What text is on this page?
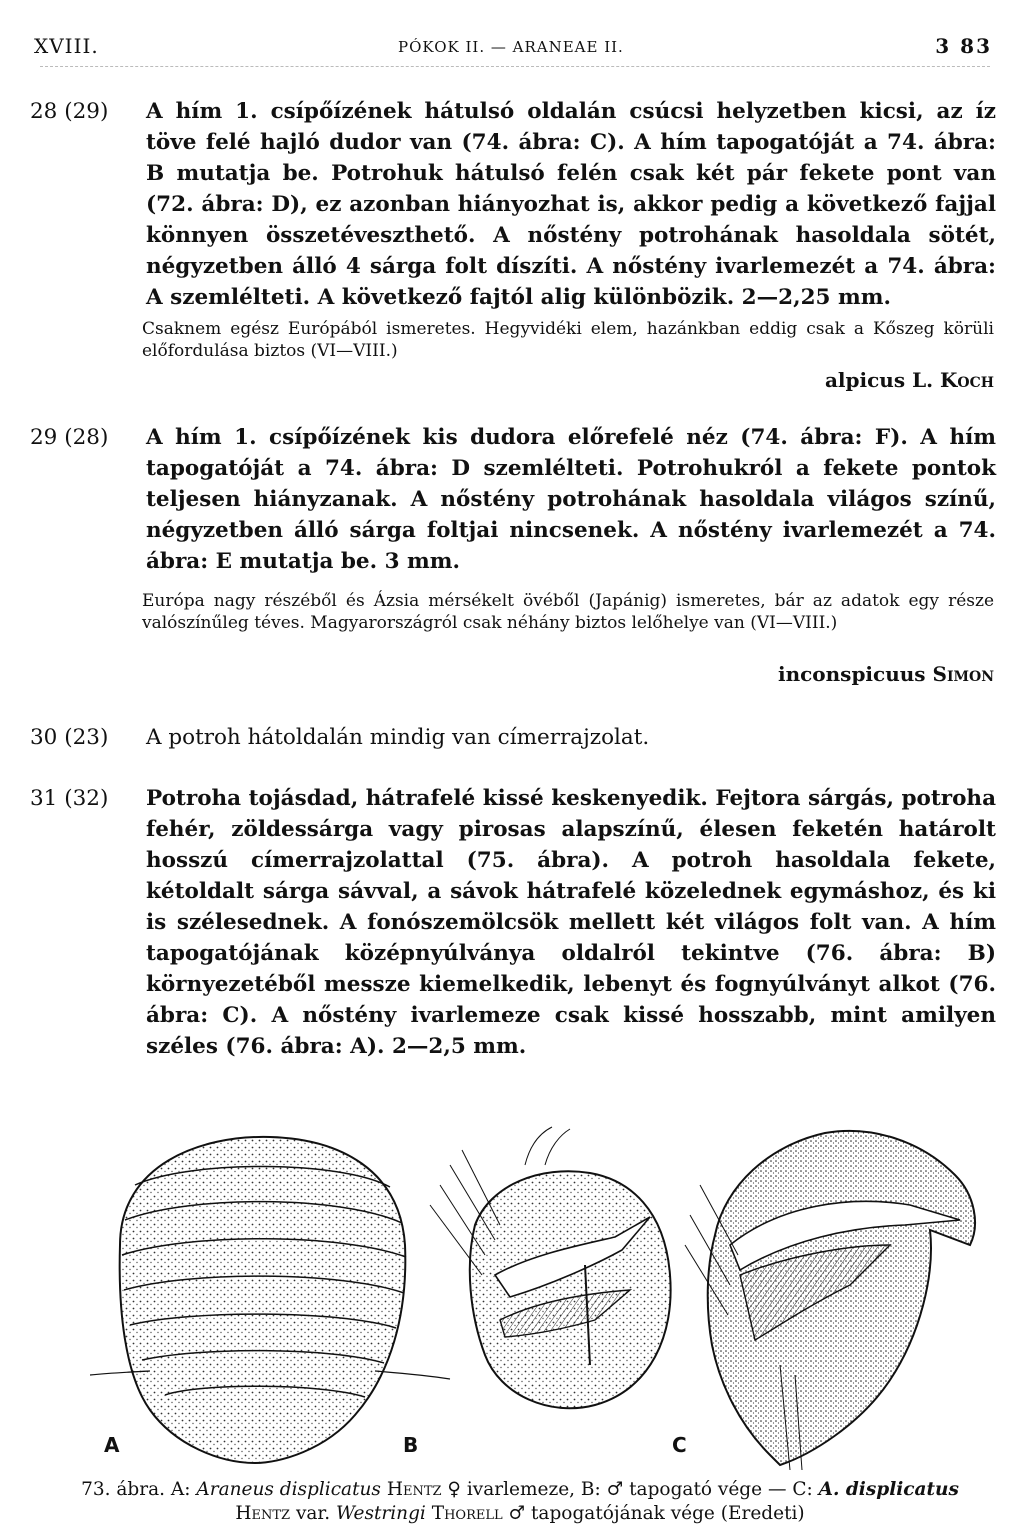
XVIII.	PÓKOK II. — ARANEAE II.	3 83
28 (29)	A hím 1. csípőízének hátulsó oldalán csúcsi helyzetben kicsi, az íz töve felé hajló dudor van (74. ábra: C). A hím tapogatóját a 74. ábra: B mutatja be. Potrohuk hátulsó felén csak két pár fekete pont van (72. ábra: D), ez azonban hiányozhat is, akkor pedig a következő fajjal könnyen összetéveszthető. A nőstény potrohának hasoldala sötét, négyzetben álló 4 sárga folt díszíti. A nőstény ivarlemezét a 74. ábra: A szemlélteti. A következő fajtól alig különbözik. 2—2,25 mm.
Csaknem egész Európából ismeretes. Hegyvidéki elem, hazánkban eddig csak a Kőszeg körüli előfordulása biztos (VI—VIII.)
alpicus L. Koch
29 (28)	A hím 1. csípőízének kis dudora előrefelé néz (74. ábra: F). A hím tapogatóját a 74. ábra: D szemlélteti. Potrohukról a fekete pontok teljesen hiányzanak. A nőstény potrohának hasoldala világos színű, négyzetben álló sárga foltjai nincsenek. A nőstény ivarlemezét a 74. ábra: E mutatja be. 3 mm.
Európa nagy részéből és Ázsia mérsékelt övéből (Japánig) ismeretes, bár az adatok egy része valószínűleg téves. Magyarországról csak néhány biztos lelőhelye van (VI—VIII.)
inconspicuus Simon
30 (23)	A potroh hátoldalán mindig van címerrajzolat.
31 (32)	Potroha tojásdad, hátrafelé kissé keskenyedik. Fejtora sárgás, potroha fehér, zöldessárga vagy pirosas alapszínű, élesen feketén határolt hosszú címerrajzolattal (75. ábra). A potroh hasoldala fekete, kétoldalt sárga sávval, a sávok hátrafelé közelednek egymáshoz, és ki is szélesednek. A fonószemölcsök mellett két világos folt van. A hím tapogatójának középnyúlványa oldalról tekintve (76. ábra: B) környezetéből messze kiemelkedik, lebenyt és fognyúlványt alkot (76. ábra: C). A nőstény ivarlemeze csak kissé hosszabb, mint amilyen széles (76. ábra: A). 2—2,5 mm.
A	B	C
73. ábra. A: Araneus displicatus Hentz ♀ ivarlemeze, B: ♂ tapogató vége — C: A. displicatus Hentz var. Westringi Thorell ♂ tapogatójának vége (Eredeti)
